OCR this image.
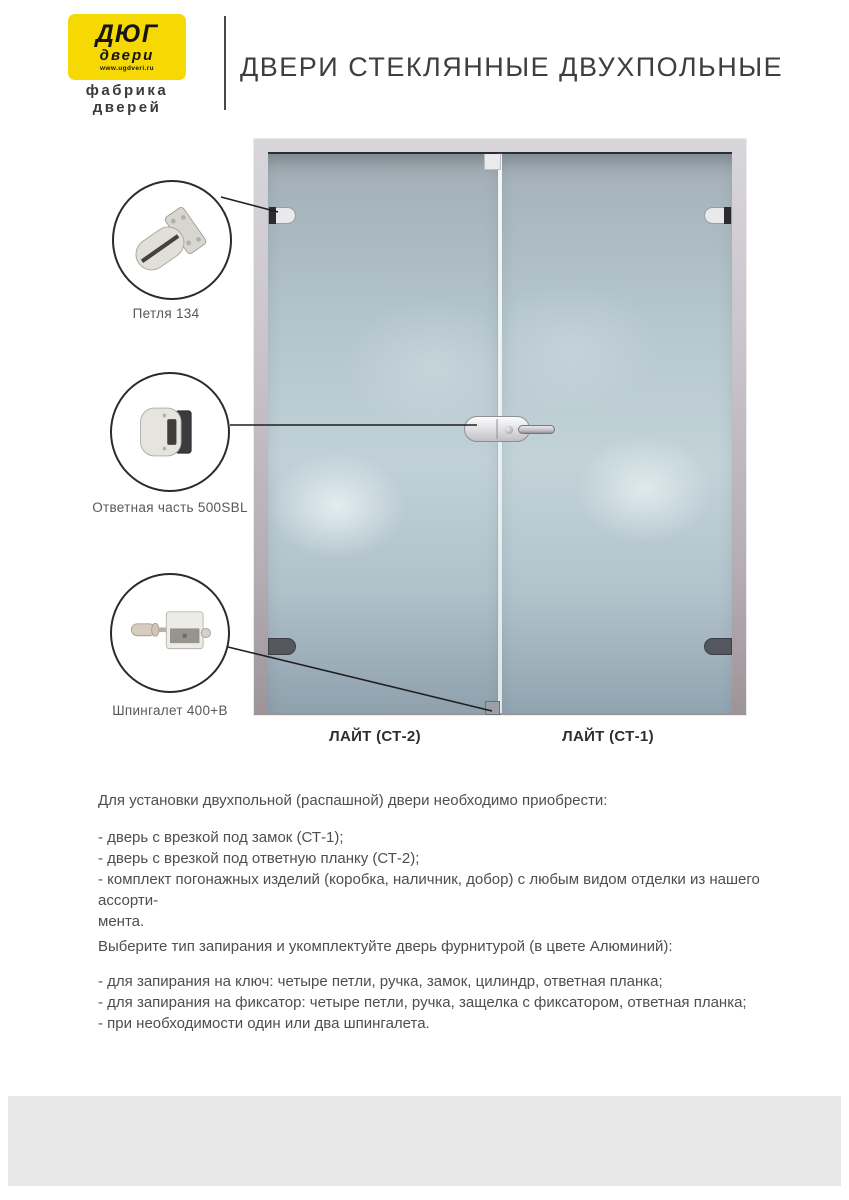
ДЮГ
двери
www.ugdveri.ru
фабрика дверей
ДВЕРИ СТЕКЛЯННЫЕ ДВУХПОЛЬНЫЕ
Петля 134
Ответная часть 500SBL
Шпингалет 400+В
ЛАЙТ (СТ-2)	ЛАЙТ (СТ-1)

Для установки двухпольной (распашной) двери необходимо приобрести:

- дверь с врезкой под замок (СТ-1);

- дверь с врезкой под ответную планку (СТ-2);

- комплект погонажных изделий (коробка, наличник, добор) с любым видом отделки из нашего ассорти-

мента.

Выберите тип запирания и укомплектуйте дверь фурнитурой (в цвете Алюминий):

- для запирания на ключ: четыре петли, ручка, замок, цилиндр, ответная планка;

- для запирания на фиксатор: четыре петли, ручка, защелка с фиксатором, ответная планка;

- при необходимости один или два шпингалета.
